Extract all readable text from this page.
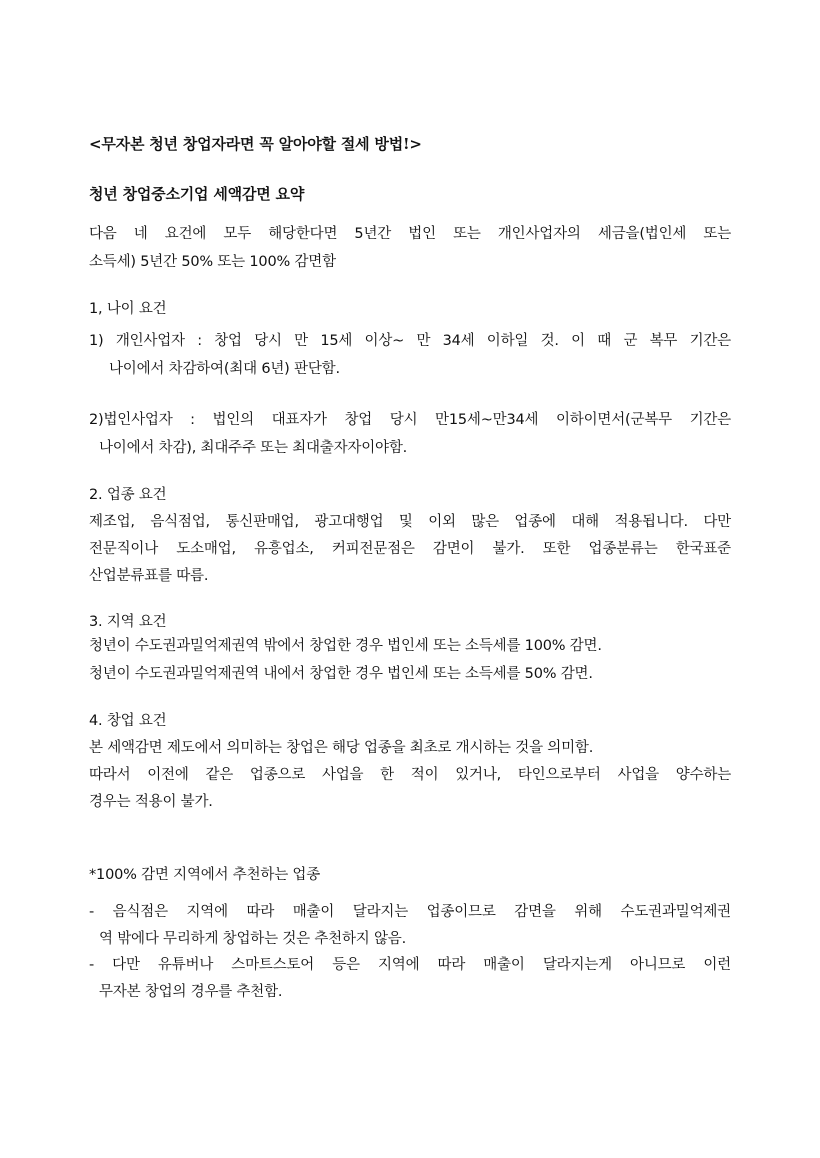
<무자본 청년 창업자라면 꼭 알아야할 절세 방법!>
청년 창업중소기업 세액감면 요약
다음 네 요건에 모두 해당한다면 5년간 법인 또는 개인사업자의 세금을(법인세 또는
소득세) 5년간 50% 또는 100% 감면함
1, 나이 요건
1) 개인사업자 : 창업 당시 만 15세 이상~ 만 34세 이하일 것. 이 때 군 복무 기간은
나이에서 차감하여(최대 6년) 판단함.
2)법인사업자 : 법인의 대표자가 창업 당시 만15세~만34세 이하이면서(군복무 기간은
나이에서 차감), 최대주주 또는 최대출자자이야함.
2. 업종 요건
제조업, 음식점업, 통신판매업, 광고대행업 및 이외 많은 업종에 대해 적용됩니다. 다만
전문직이나 도소매업, 유흥업소, 커피전문점은 감면이 불가. 또한 업종분류는 한국표준
산업분류표를 따름.
3. 지역 요건
청년이 수도권과밀억제권역 밖에서 창업한 경우 법인세 또는 소득세를 100% 감면.
청년이 수도권과밀억제권역 내에서 창업한 경우 법인세 또는 소득세를 50% 감면.
4. 창업 요건
본 세액감면 제도에서 의미하는 창업은 해당 업종을 최초로 개시하는 것을 의미함.
따라서 이전에 같은 업종으로 사업을 한 적이 있거나, 타인으로부터 사업을 양수하는
경우는 적용이 불가.
*100% 감면 지역에서 추천하는 업종
- 음식점은 지역에 따라 매출이 달라지는 업종이므로 감면을 위해 수도권과밀억제권
역 밖에다 무리하게 창업하는 것은 추천하지 않음.
- 다만 유튜버나 스마트스토어 등은 지역에 따라 매출이 달라지는게 아니므로 이런
무자본 창업의 경우를 추천함.
